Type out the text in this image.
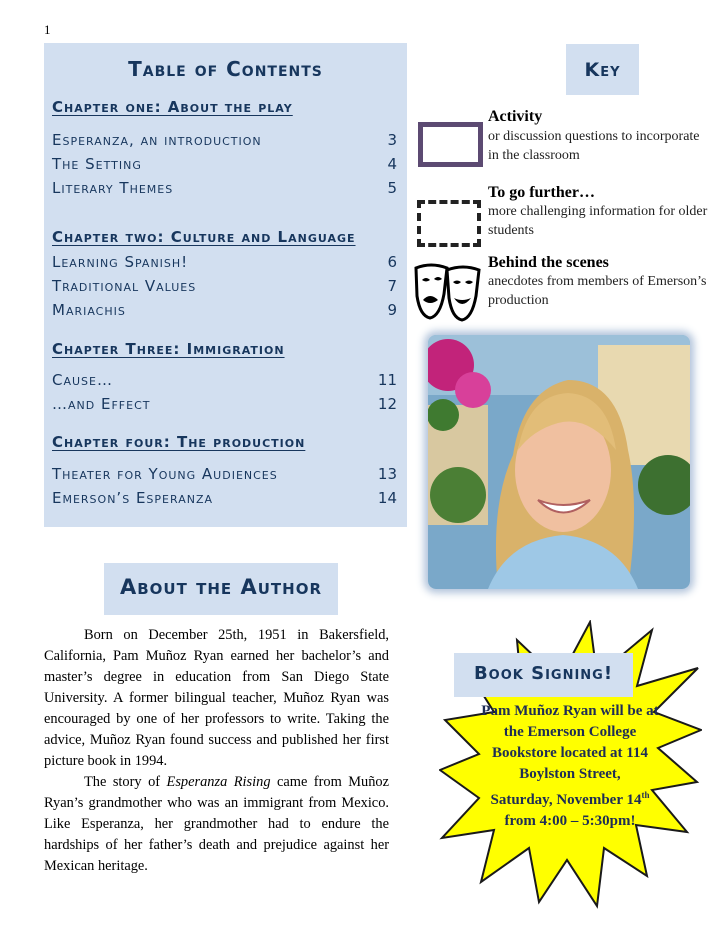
1
Table of Contents
Chapter one: About the play
Esperanza, an introduction	3
The Setting	4
Literary Themes	5
Chapter two: Culture and Language
Learning Spanish!	6
Traditional Values	7
Mariachis	9
Chapter Three: Immigration
Cause…	11
…and Effect	12
Chapter four: The production
Theater for Young Audiences	13
Emerson’s Esperanza	14
Key
Activity
or discussion questions to incorporate in the classroom
To go further…
more challenging information for older students
Behind the scenes
anecdotes from members of Emerson’s production
About the Author

Born on December 25th, 1951 in Bakersfield, California, Pam Muñoz Ryan earned her bachelor’s and master’s degree in education from San Diego State University. A former bilingual teacher, Muñoz Ryan was encouraged by one of her professors to write. Taking the advice, Muñoz Ryan found success and published her first picture book in 1994.

The story of Esperanza Rising came from Muñoz Ryan’s grandmother who was an immigrant from Mexico. Like Esperanza, her grandmother had to endure the hardships of her father’s death and prejudice against her Mexican heritage.

Book Signing!
Pam Muñoz Ryan will be at
the Emerson College
Bookstore located at 114
Boylston Street,
Saturday, November 14th
from 4:00 – 5:30pm!
